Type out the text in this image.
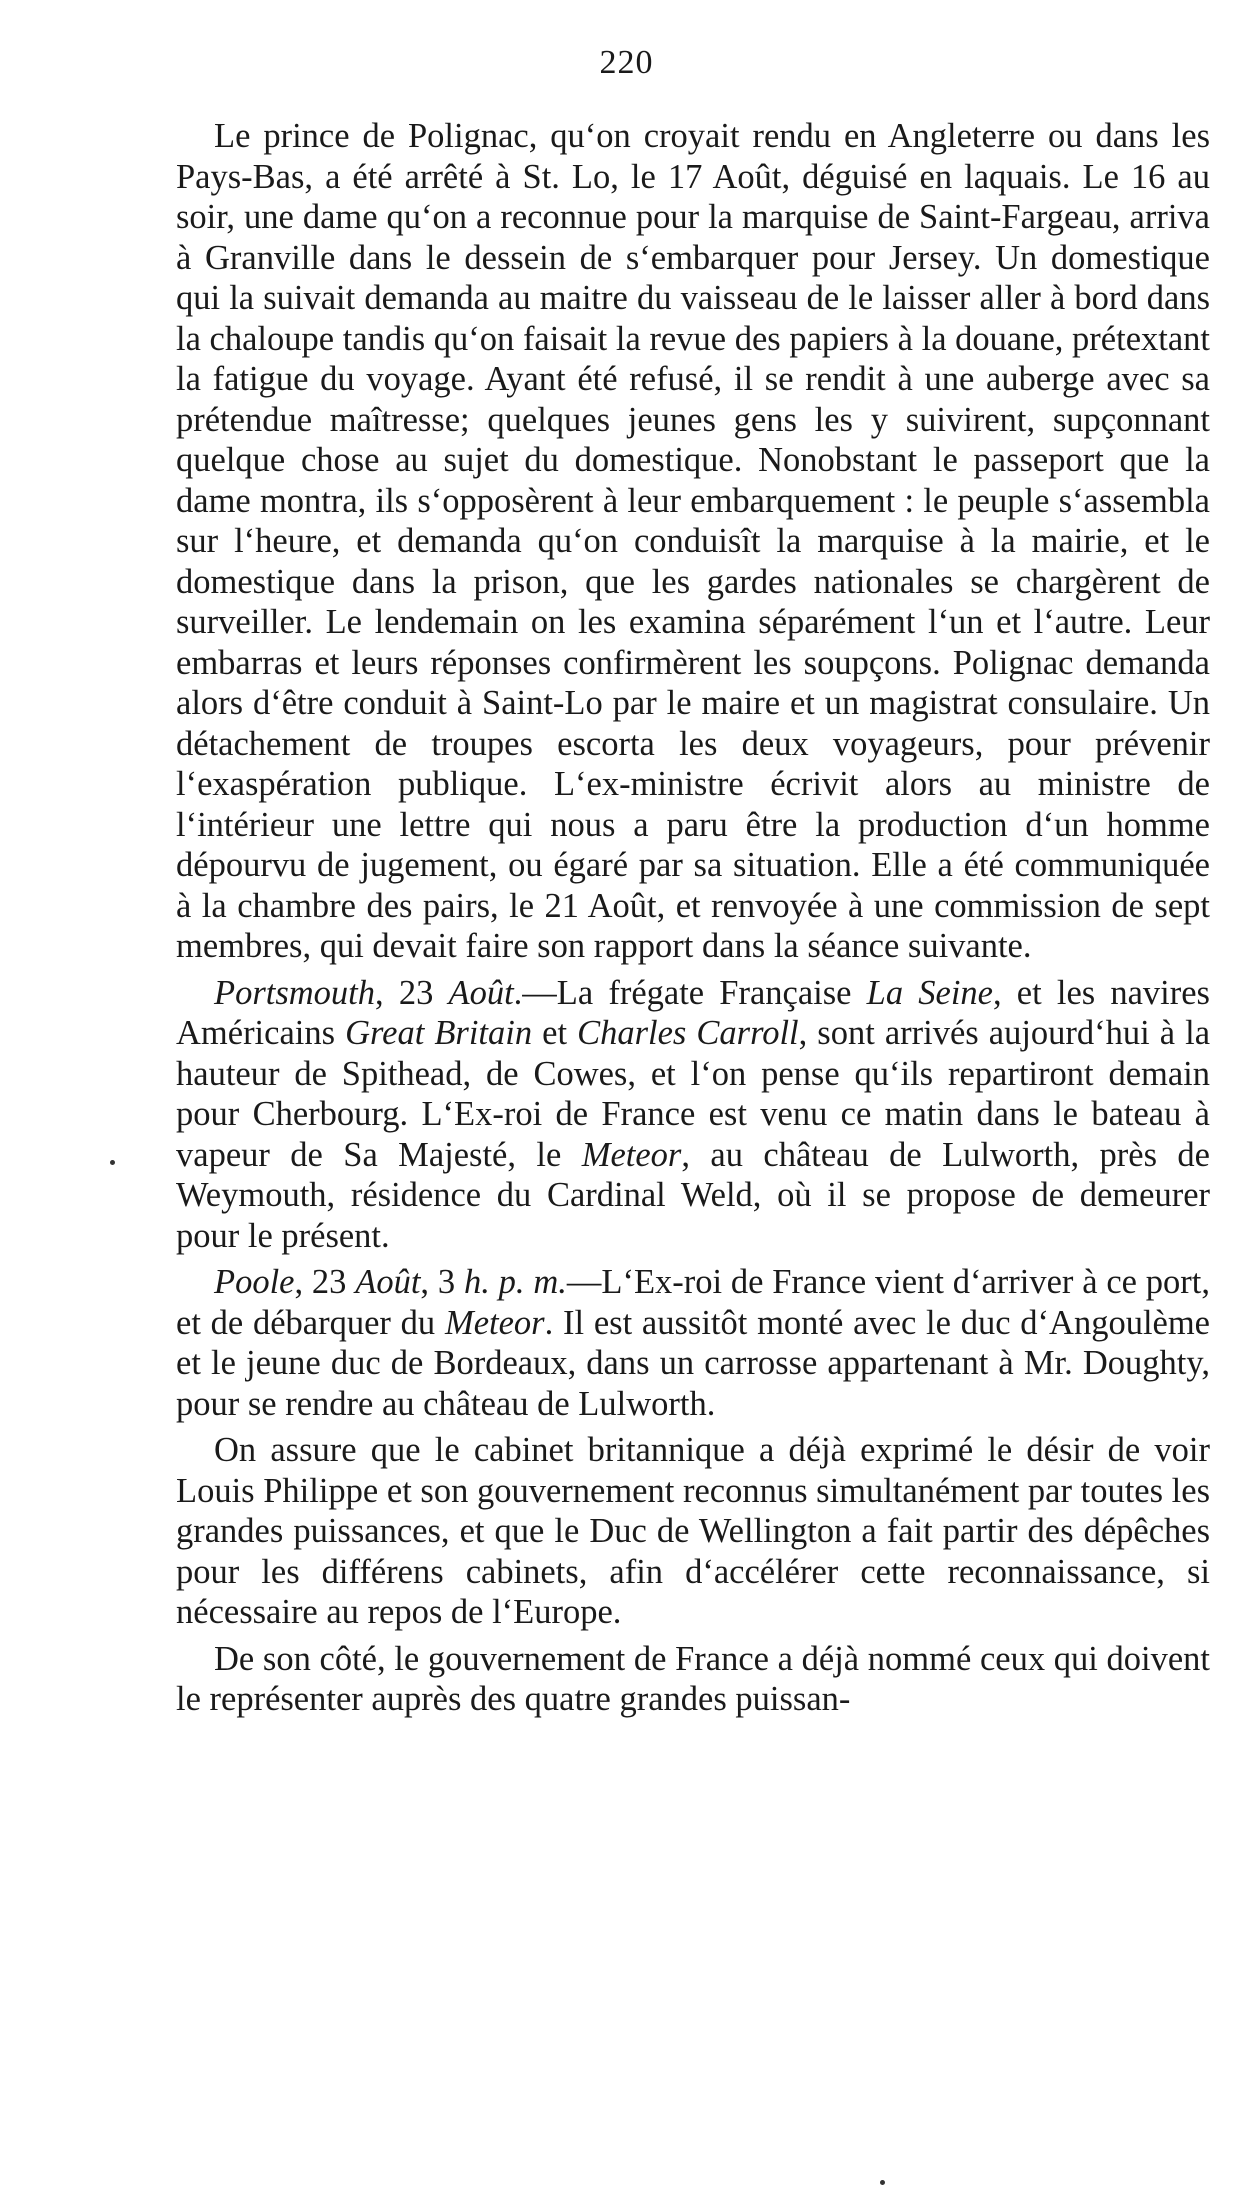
220

Le prince de Polignac, qu‘on croyait rendu en Angleterre ou dans les Pays-Bas, a été arrêté à St. Lo, le 17 Août, déguisé en laquais. Le 16 au soir, une dame qu‘on a reconnue pour la marquise de Saint-Fargeau, arriva à Granville dans le dessein de s‘embarquer pour Jersey. Un domestique qui la suivait demanda au maitre du vaisseau de le laisser aller à bord dans la chaloupe tandis qu‘on faisait la revue des papiers à la douane, prétextant la fatigue du voyage. Ayant été refusé, il se rendit à une auberge avec sa prétendue maîtresse; quelques jeunes gens les y suivirent, supçonnant quelque chose au sujet du domestique. Nonobstant le passeport que la dame montra, ils s‘opposèrent à leur embarquement : le peuple s‘assembla sur l‘heure, et demanda qu‘on conduisît la marquise à la mairie, et le domestique dans la prison, que les gardes nationales se chargèrent de surveiller. Le lendemain on les examina séparément l‘un et l‘autre. Leur embarras et leurs réponses confirmèrent les soupçons. Polignac demanda alors d‘être conduit à Saint-Lo par le maire et un magistrat consulaire. Un détachement de troupes escorta les deux voyageurs, pour prévenir l‘exaspération publique. L‘ex-ministre écrivit alors au ministre de l‘intérieur une lettre qui nous a paru être la production d‘un homme dépourvu de jugement, ou égaré par sa situation. Elle a été communiquée à la chambre des pairs, le 21 Août, et renvoyée à une commission de sept membres, qui devait faire son rapport dans la séance suivante.

Portsmouth, 23 Août.—La frégate Française La Seine, et les navires Américains Great Britain et Charles Carroll, sont arrivés aujourd‘hui à la hauteur de Spithead, de Cowes, et l‘on pense qu‘ils repartiront demain pour Cherbourg. L‘Ex-roi de France est venu ce matin dans le bateau à vapeur de Sa Majesté, le Meteor, au château de Lulworth, près de Weymouth, résidence du Cardinal Weld, où il se propose de demeurer pour le présent.

Poole, 23 Août, 3 h. p. m.—L‘Ex-roi de France vient d‘arriver à ce port, et de débarquer du Meteor. Il est aussitôt monté avec le duc d‘Angoulème et le jeune duc de Bordeaux, dans un carrosse appartenant à Mr. Doughty, pour se rendre au château de Lulworth.

On assure que le cabinet britannique a déjà exprimé le désir de voir Louis Philippe et son gouvernement reconnus simultanément par toutes les grandes puissances, et que le Duc de Wellington a fait partir des dépêches pour les différens cabinets, afin d‘accélérer cette reconnaissance, si nécessaire au repos de l‘Europe.

De son côté, le gouvernement de France a déjà nommé ceux qui doivent le représenter auprès des quatre grandes puissan-
